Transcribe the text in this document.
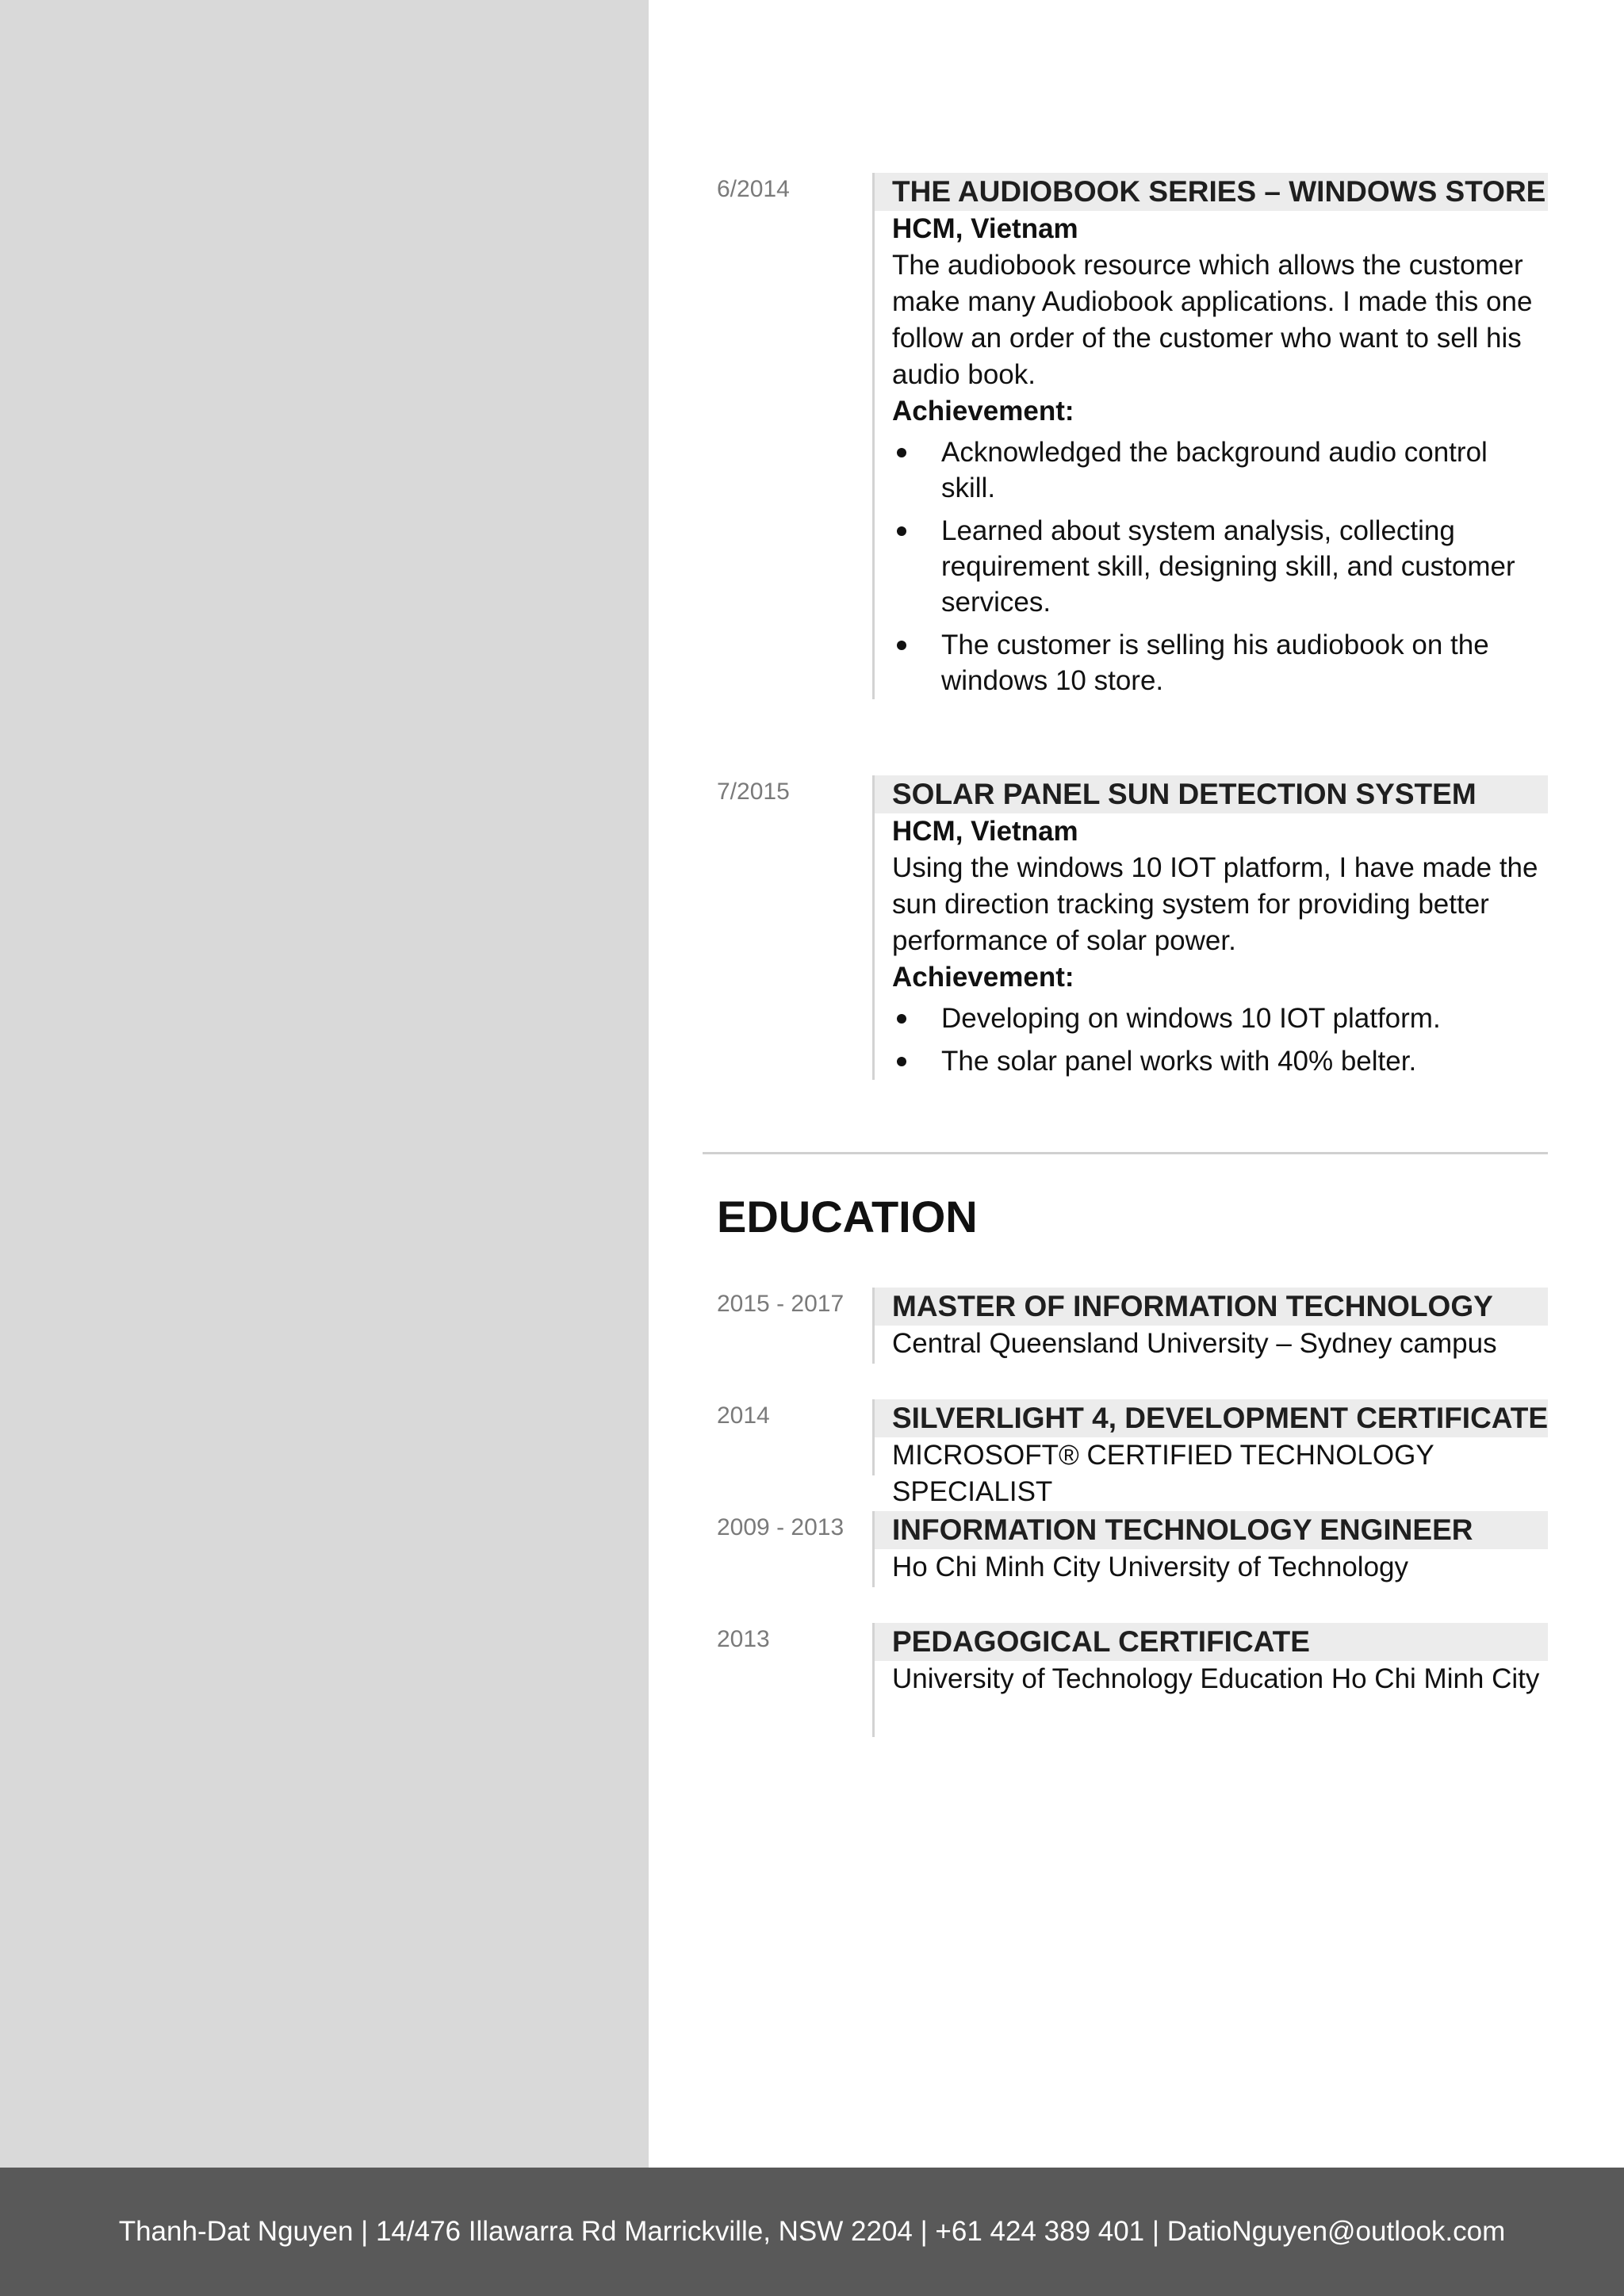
6/2014	THE AUDIOBOOK SERIES – WINDOWS STORE
HCM, Vietnam
The audiobook resource which allows the customer
make many Audiobook applications. I made this one
follow an order of the customer who want to sell his
audio book.
Achievement:
Acknowledged the background audio control
skill.
Learned about system analysis, collecting
requirement skill, designing skill, and customer
services.
The customer is selling his audiobook on the
windows 10 store.
7/2015	SOLAR PANEL SUN DETECTION SYSTEM
HCM, Vietnam
Using the windows 10 IOT platform, I have made the
sun direction tracking system for providing better
performance of solar power.
Achievement:
Developing on windows 10 IOT platform.
The solar panel works with 40% belter.
EDUCATION
2015 - 2017	MASTER OF INFORMATION TECHNOLOGY
Central Queensland University – Sydney campus
2014	SILVERLIGHT 4, DEVELOPMENT CERTIFICATE
MICROSOFT® CERTIFIED TECHNOLOGY SPECIALIST
2009 - 2013	INFORMATION TECHNOLOGY ENGINEER
Ho Chi Minh City University of Technology
2013	PEDAGOGICAL CERTIFICATE
University of Technology Education Ho Chi Minh City
Thanh-Dat Nguyen | 14/476 Illawarra Rd Marrickville, NSW 2204 | +61 424 389 401 | DatioNguyen@outlook.com
